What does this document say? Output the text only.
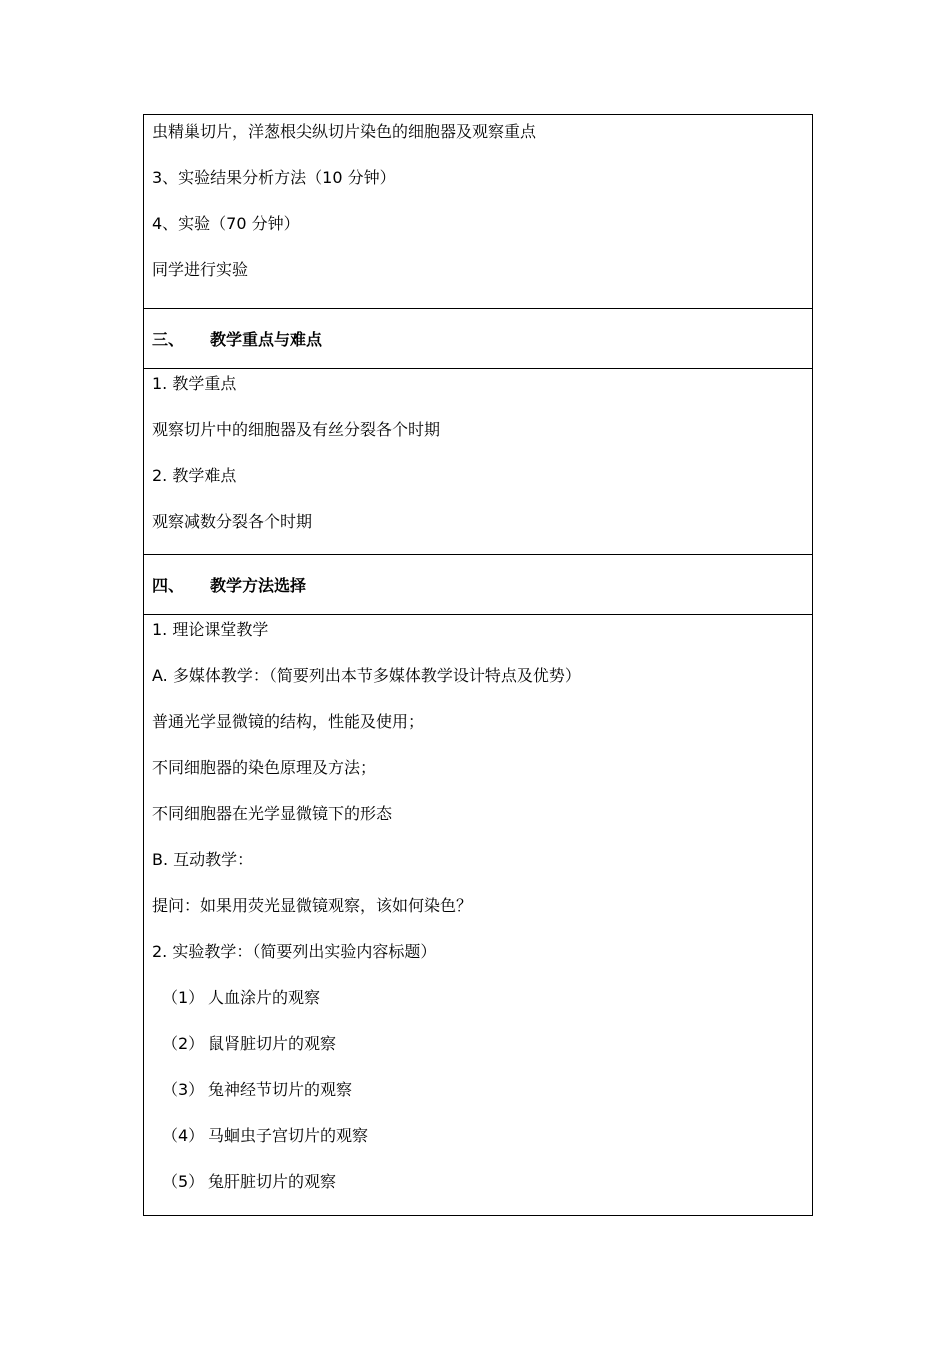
虫精巢切片，洋葱根尖纵切片染色的细胞器及观察重点

3、实验结果分析方法（10 分钟）

4、实验（70 分钟）

同学进行实验

三、	教学重点与难点

1. 教学重点

观察切片中的细胞器及有丝分裂各个时期

2. 教学难点

观察减数分裂各个时期

四、	教学方法选择

1. 理论课堂教学

A. 多媒体教学：（简要列出本节多媒体教学设计特点及优势）

普通光学显微镜的结构，性能及使用；

不同细胞器的染色原理及方法；

不同细胞器在光学显微镜下的形态

B. 互动教学：

提问：如果用荧光显微镜观察，该如何染色？

2. 实验教学：（简要列出实验内容标题）

（1） 人血涂片的观察

（2） 鼠肾脏切片的观察

（3） 兔神经节切片的观察

（4） 马蛔虫子宫切片的观察

（5） 兔肝脏切片的观察
